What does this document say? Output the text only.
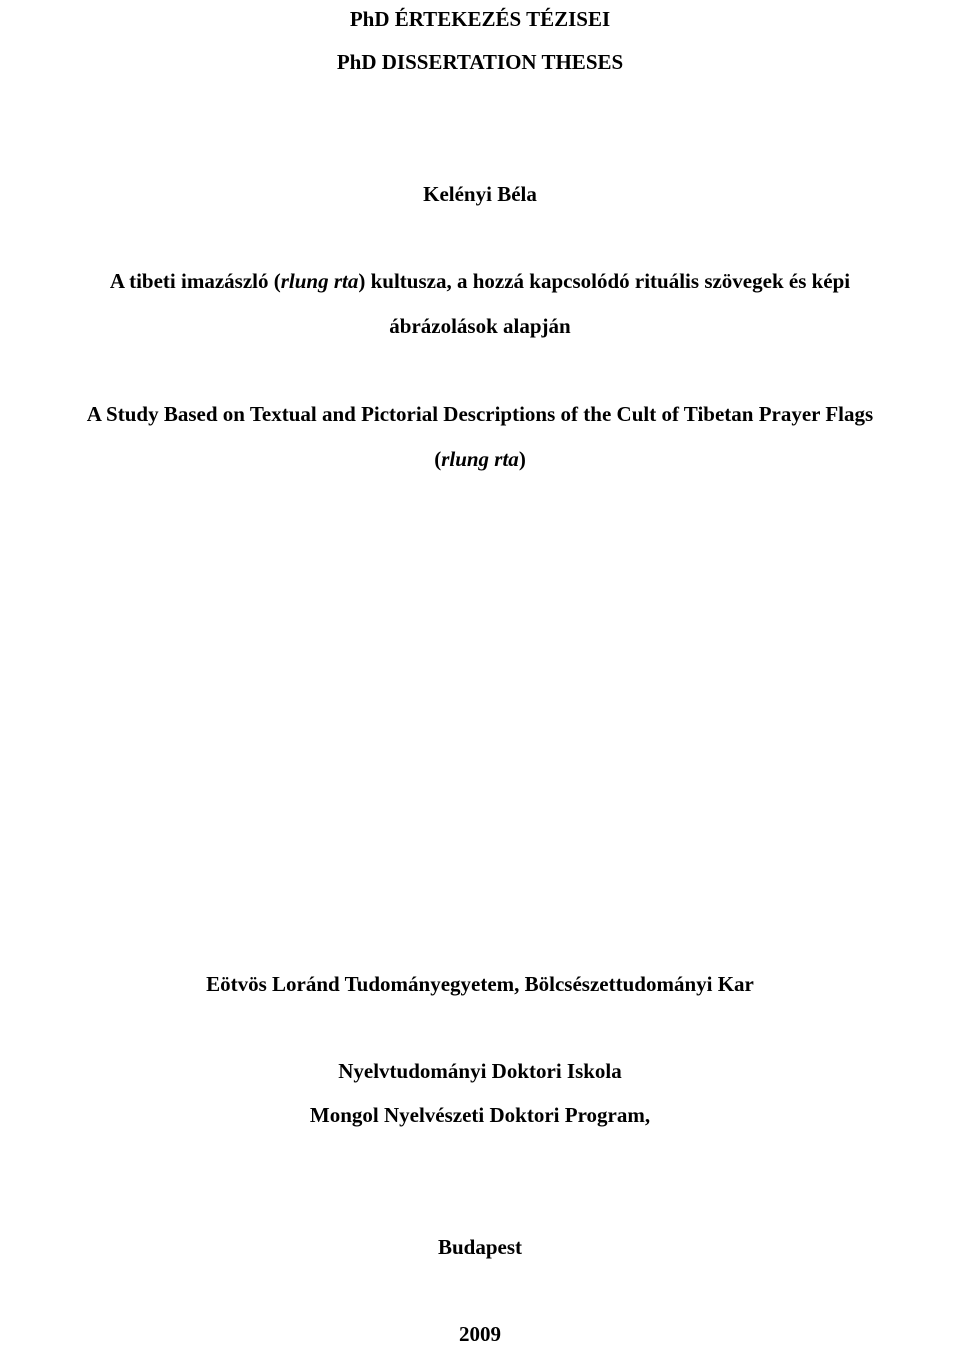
PhD ÉRTEKEZÉS TÉZISEI
PhD DISSERTATION THESES
Kelényi Béla
A tibeti imazászló (rlung rta) kultusza, a hozzá kapcsolódó rituális szövegek és képi
ábrázolások alapján
A Study Based on Textual and Pictorial Descriptions of the Cult of Tibetan Prayer Flags
(rlung rta)
Eötvös Loránd Tudományegyetem, Bölcsészettudományi Kar
Nyelvtudományi Doktori Iskola
Mongol Nyelvészeti Doktori Program,
Budapest
2009
